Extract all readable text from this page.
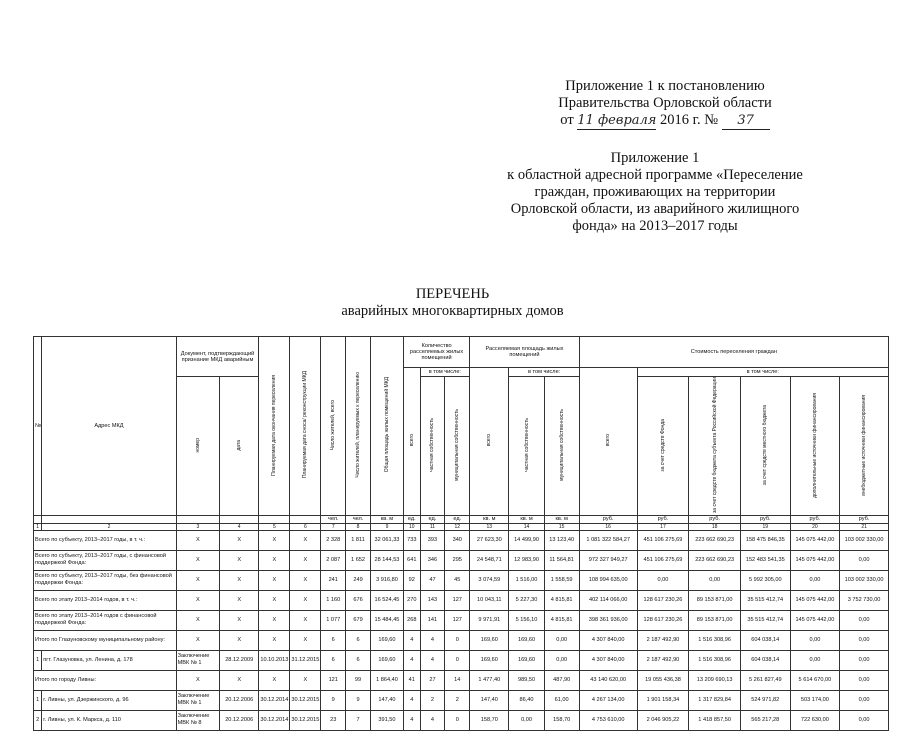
Приложение 1 к постановлению
Правительства Орловской области
от 11 февраля 2016 г. № 37
Приложение 1
к областной адресной программе «Переселение
граждан, проживающих на территории
Орловской области, из аварийного жилищного
фонда» на 2013–2017 годы
ПЕРЕЧЕНЬ
аварийных многоквартирных домов
№	Адрес МКД	Документ, подтверждающий признание МКД аварийным		Планируемая дата окончания переселения	Планируемая дата сноса/ реконструкции МКД	Число жителей, всего	Число жителей, планируемых к переселению	Общая площадь жилых помещений МКД	Количество расселяемых жилых помещений			Расселяемая площадь жилых помещений			Стоимость переселения граждан					
									всего	в том числе:		всего	в том числе:		всего	в том числе:				
		номер	дата							частная собственность	муниципальная собственность		частная собственность	муниципальная собственность		за счет средств Фонда	за счет средств бюджета субъекта Российской Федерации	за счет средств местного бюджета	дополнительные источники финансирования	внебюджетные источники финансирования
						чел.	чел.	кв. м	ед.	ед.	ед.	кв. м	кв. м	кв. м	руб.	руб.	руб.	руб.	руб.	руб.
1	2	3	4	5	6	7	8	9	10	11	12	13	14	15	16	17	18	19	20	21
Всего по субъекту, 2013–2017 годы, в т. ч.:		X	X	X	X	2 328	1 811	32 061,33	733	393	340	27 623,30	14 499,90	13 123,40	1 081 322 584,27	451 106 275,69	223 662 690,23	158 475 846,35	145 075 442,00	103 002 330,00
Всего по субъекту, 2013–2017 годы, с финансовой поддержкой Фонда:		X	X	X	X	2 087	1 652	28 144,53	641	346	295	24 548,71	12 983,90	11 564,81	972 327 949,27	451 106 275,69	223 662 690,23	152 483 541,35	145 075 442,00	0,00
Всего по субъекту, 2013–2017 годы, без финансовой поддержки Фонда:		X	X	X	X	241	249	3 916,80	92	47	45	3 074,59	1 516,00	1 558,59	108 994 635,00	0,00	0,00	5 992 305,00	0,00	103 002 330,00
Всего по этапу 2013–2014 годов, в т. ч.:		X	X	X	X	1 160	676	16 524,45	270	143	127	10 043,11	5 227,30	4 815,81	402 114 066,00	128 617 230,26	89 153 871,00	35 515 412,74	145 075 442,00	3 752 730,00
Всего по этапу 2013–2014 годов с финансовой поддержкой Фонда:		X	X	X	X	1 077	679	15 484,45	268	141	127	9 971,91	5 156,10	4 815,81	398 361 936,00	128 617 230,26	89 153 871,00	35 515 412,74	145 075 442,00	0,00
Итого по Глазуновскому муниципальному району:		X	X	X	X	6	6	169,60	4	4	0	169,60	169,60	0,00	4 307 840,00	2 187 492,90	1 516 308,96	604 038,14	0,00	0,00
1	пгт. Глазуновка, ул. Ленина, д. 178	Заключение МВК № 1	28.12.2009	10.10.2013	31.12.2015	6	6	169,60	4	4	0	169,60	169,60	0,00	4 307 840,00	2 187 492,90	1 516 308,96	604 038,14	0,00	0,00
Итого по городу Ливны:		X	X	X	X	121	99	1 864,40	41	27	14	1 477,40	989,50	487,90	43 140 620,00	19 055 436,38	13 209 690,13	5 261 827,49	5 614 670,00	0,00
1	г. Ливны, ул. Дзержинского, д. 96	Заключение МВК № 1	20.12.2006	30.12.2014	30.12.2015	9	9	147,40	4	2	2	147,40	86,40	61,00	4 267 134,00	1 901 158,34	1 317 829,84	524 971,82	503 174,00	0,00
2	г. Ливны, ул. К. Маркса, д. 110	Заключение МВК № 8	20.12.2006	30.12.2014	30.12.2015	23	7	391,50	4	4	0	158,70	0,00	158,70	4 753 610,00	2 046 905,22	1 418 857,50	565 217,28	722 630,00	0,00
